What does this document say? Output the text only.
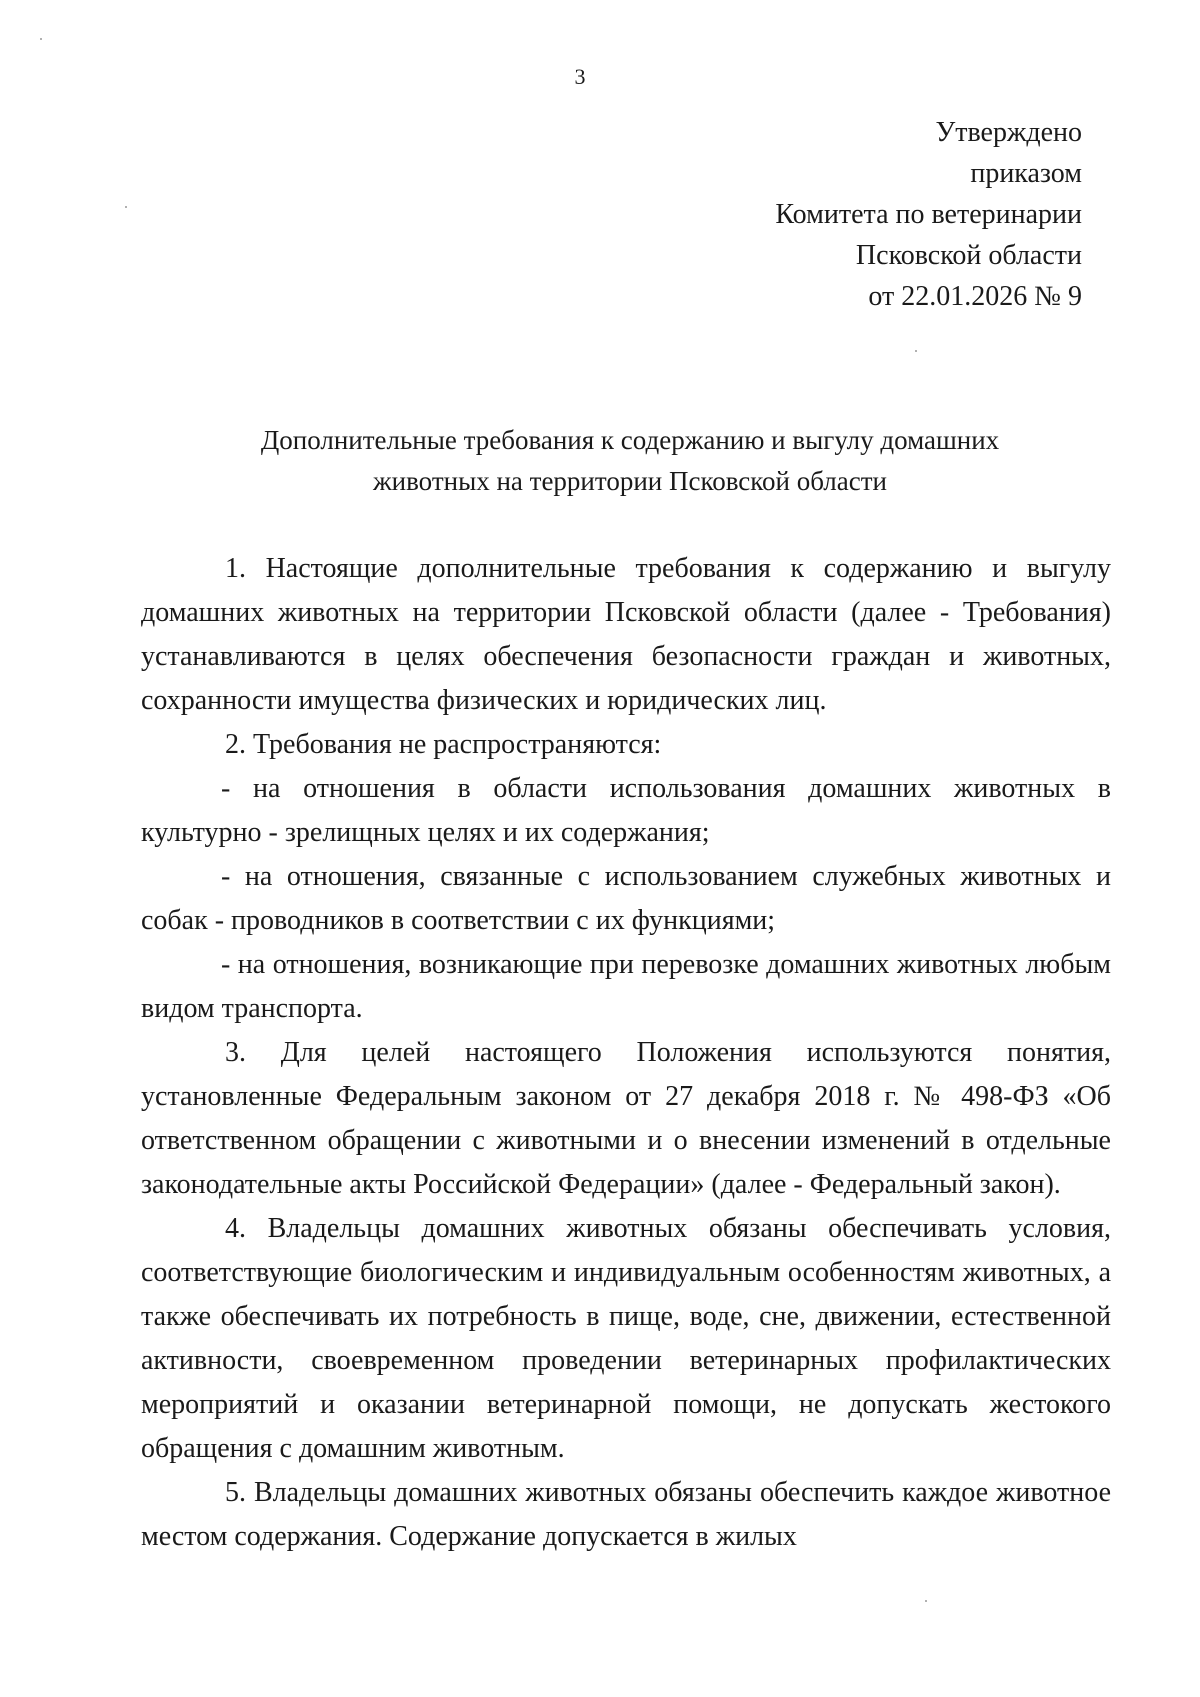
3
Утверждено
приказом
Комитета по ветеринарии
Псковской области
от 22.01.2026 № 9
Дополнительные требования к содержанию и выгулу домашних
животных на территории Псковской области

1. Настоящие дополнительные требования к содержанию и выгулу домашних животных на территории Псковской области (далее - Требования) устанавливаются в целях обеспечения безопасности граждан и животных, сохранности имущества физических и юридических лиц.

2. Требования не распространяются:

- на отношения в области использования домашних животных в культурно - зрелищных целях и их содержания;

- на отношения, связанные с использованием служебных животных и собак - проводников в соответствии с их функциями;

- на отношения, возникающие при перевозке домашних животных любым видом транспорта.

3. Для целей настоящего Положения используются понятия, установленные Федеральным законом от 27 декабря 2018 г. № 498-ФЗ «Об ответственном обращении с животными и о внесении изменений в отдельные законодательные акты Российской Федерации» (далее - Федеральный закон).

4. Владельцы домашних животных обязаны обеспечивать условия, соответствующие биологическим и индивидуальным особенностям животных, а также обеспечивать их потребность в пище, воде, сне, движении, естественной активности, своевременном проведении ветеринарных профилактических мероприятий и оказании ветеринарной помощи, не допускать жестокого обращения с домашним животным.

5. Владельцы домашних животных обязаны обеспечить каждое животное местом содержания. Содержание допускается в жилых
